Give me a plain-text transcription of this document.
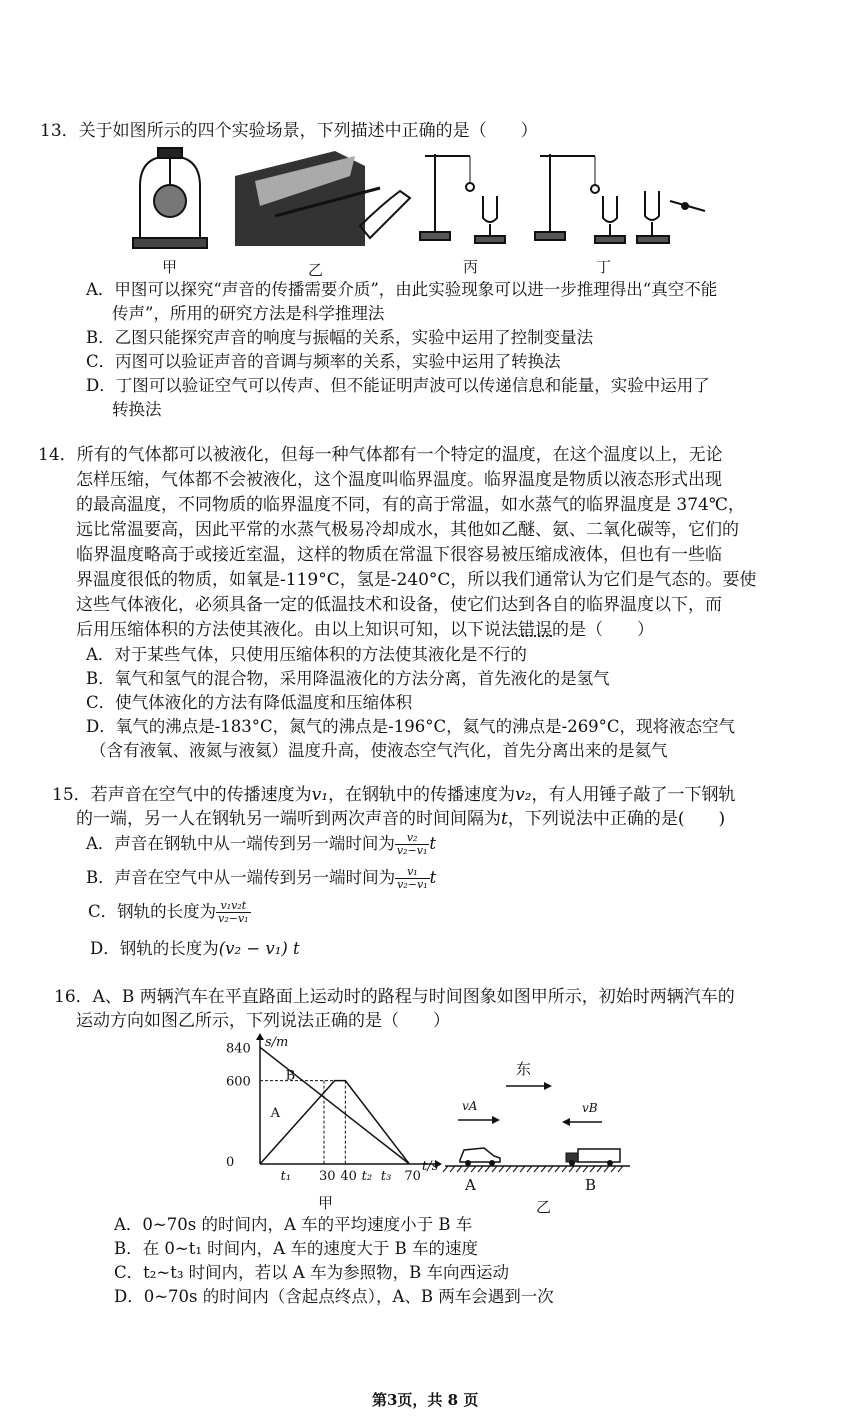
13．关于如图所示的四个实验场景，下列描述中正确的是（　　）
甲	乙	丙	丁
A．甲图可以探究“声音的传播需要介质”，由此实验现象可以进一步推理得出“真空不能
传声”，所用的研究方法是科学推理法
B．乙图只能探究声音的响度与振幅的关系，实验中运用了控制变量法
C．丙图可以验证声音的音调与频率的关系，实验中运用了转换法
D．丁图可以验证空气可以传声、但不能证明声波可以传递信息和能量，实验中运用了
转换法
14．所有的气体都可以被液化，但每一种气体都有一个特定的温度，在这个温度以上，无论
怎样压缩，气体都不会被液化，这个温度叫临界温度。临界温度是物质以液态形式出现
的最高温度，不同物质的临界温度不同，有的高于常温，如水蒸气的临界温度是 374℃，
远比常温要高，因此平常的水蒸气极易冷却成水，其他如乙醚、氨、二氧化碳等，它们的
临界温度略高于或接近室温，这样的物质在常温下很容易被压缩成液体，但也有一些临
界温度很低的物质，如氧是-119°C，氢是-240°C，所以我们通常认为它们是气态的。要使
这些气体液化，必须具备一定的低温技术和设备，使它们达到各自的临界温度以下，而
后用压缩体积的方法使其液化。由以上知识可知，以下说法错误的是（　　）
A．对于某些气体，只使用压缩体积的方法使其液化是不行的
B．氧气和氢气的混合物，采用降温液化的方法分离，首先液化的是氢气
C．使气体液化的方法有降低温度和压缩体积
D．氧气的沸点是-183°C，氮气的沸点是-196°C，氦气的沸点是-269°C，现将液态空气
（含有液氧、液氮与液氦）温度升高，使液态空气汽化，首先分离出来的是氦气
15．若声音在空气中的传播速度为v₁，在钢轨中的传播速度为v₂，有人用锤子敲了一下钢轨
的一端，另一人在钢轨另一端听到两次声音的时间间隔为t，下列说法中正确的是(　　)
A．声音在钢轨中从一端传到另一端时间为 $\frac{\text{v₂}}{\text{v₂−v₁}}$ t
B．声音在空气中从一端传到另一端时间为 $\frac{\text{v₁}}{\text{v₂−v₁}}$ t
C．钢轨的长度为 $\frac{\text{v₁v₂t}}{\text{v₂−v₁}}$
D．钢轨的长度为(v₂ − v₁) t
16．A、B 两辆汽车在平直路面上运动时的路程与时间图象如图甲所示，初始时两辆汽车的
运动方向如图乙所示，下列说法正确的是（　　）
s/m
t/s
0
600
840
B
A
t₁ 30 40 t₂ t₃ 70
东
vA	vB
甲
A	B
乙
A．0~70s 的时间内，A 车的平均速度小于 B 车
B．在 0~t₁ 时间内，A 车的速度大于 B 车的速度
C．t₂~t₃ 时间内，若以 A 车为参照物，B 车向西运动
D．0~70s 的时间内（含起点终点），A、B 两车会遇到一次
第3页，共 8 页
